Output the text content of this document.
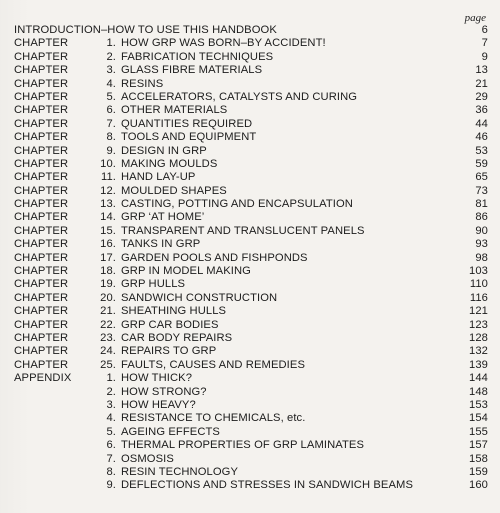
page
INTRODUCTION–HOW TO USE THIS HANDBOOK	6
CHAPTER	1. HOW GRP WAS BORN–BY ACCIDENT!	7
CHAPTER	2. FABRICATION TECHNIQUES	9
CHAPTER	3. GLASS FIBRE MATERIALS	13
CHAPTER	4. RESINS	21
CHAPTER	5. ACCELERATORS, CATALYSTS AND CURING	29
CHAPTER	6. OTHER MATERIALS	36
CHAPTER	7. QUANTITIES REQUIRED	44
CHAPTER	8. TOOLS AND EQUIPMENT	46
CHAPTER	9. DESIGN IN GRP	53
CHAPTER	10. MAKING MOULDS	59
CHAPTER	11. HAND LAY-UP	65
CHAPTER	12. MOULDED SHAPES	73
CHAPTER	13. CASTING, POTTING AND ENCAPSULATION	81
CHAPTER	14. GRP ‘AT HOME’	86
CHAPTER	15. TRANSPARENT AND TRANSLUCENT PANELS	90
CHAPTER	16. TANKS IN GRP	93
CHAPTER	17. GARDEN POOLS AND FISHPONDS	98
CHAPTER	18. GRP IN MODEL MAKING	103
CHAPTER	19. GRP HULLS	110
CHAPTER	20. SANDWICH CONSTRUCTION	116
CHAPTER	21. SHEATHING HULLS	121
CHAPTER	22. GRP CAR BODIES	123
CHAPTER	23. CAR BODY REPAIRS	128
CHAPTER	24. REPAIRS TO GRP	132
CHAPTER	25. FAULTS, CAUSES AND REMEDIES	139
APPENDIX	1. HOW THICK?	144
2. HOW STRONG?	148
3. HOW HEAVY?	153
4. RESISTANCE TO CHEMICALS, etc.	154
5. AGEING EFFECTS	155
6. THERMAL PROPERTIES OF GRP LAMINATES	157
7. OSMOSIS	158
8. RESIN TECHNOLOGY	159
9. DEFLECTIONS AND STRESSES IN SANDWICH BEAMS	160
